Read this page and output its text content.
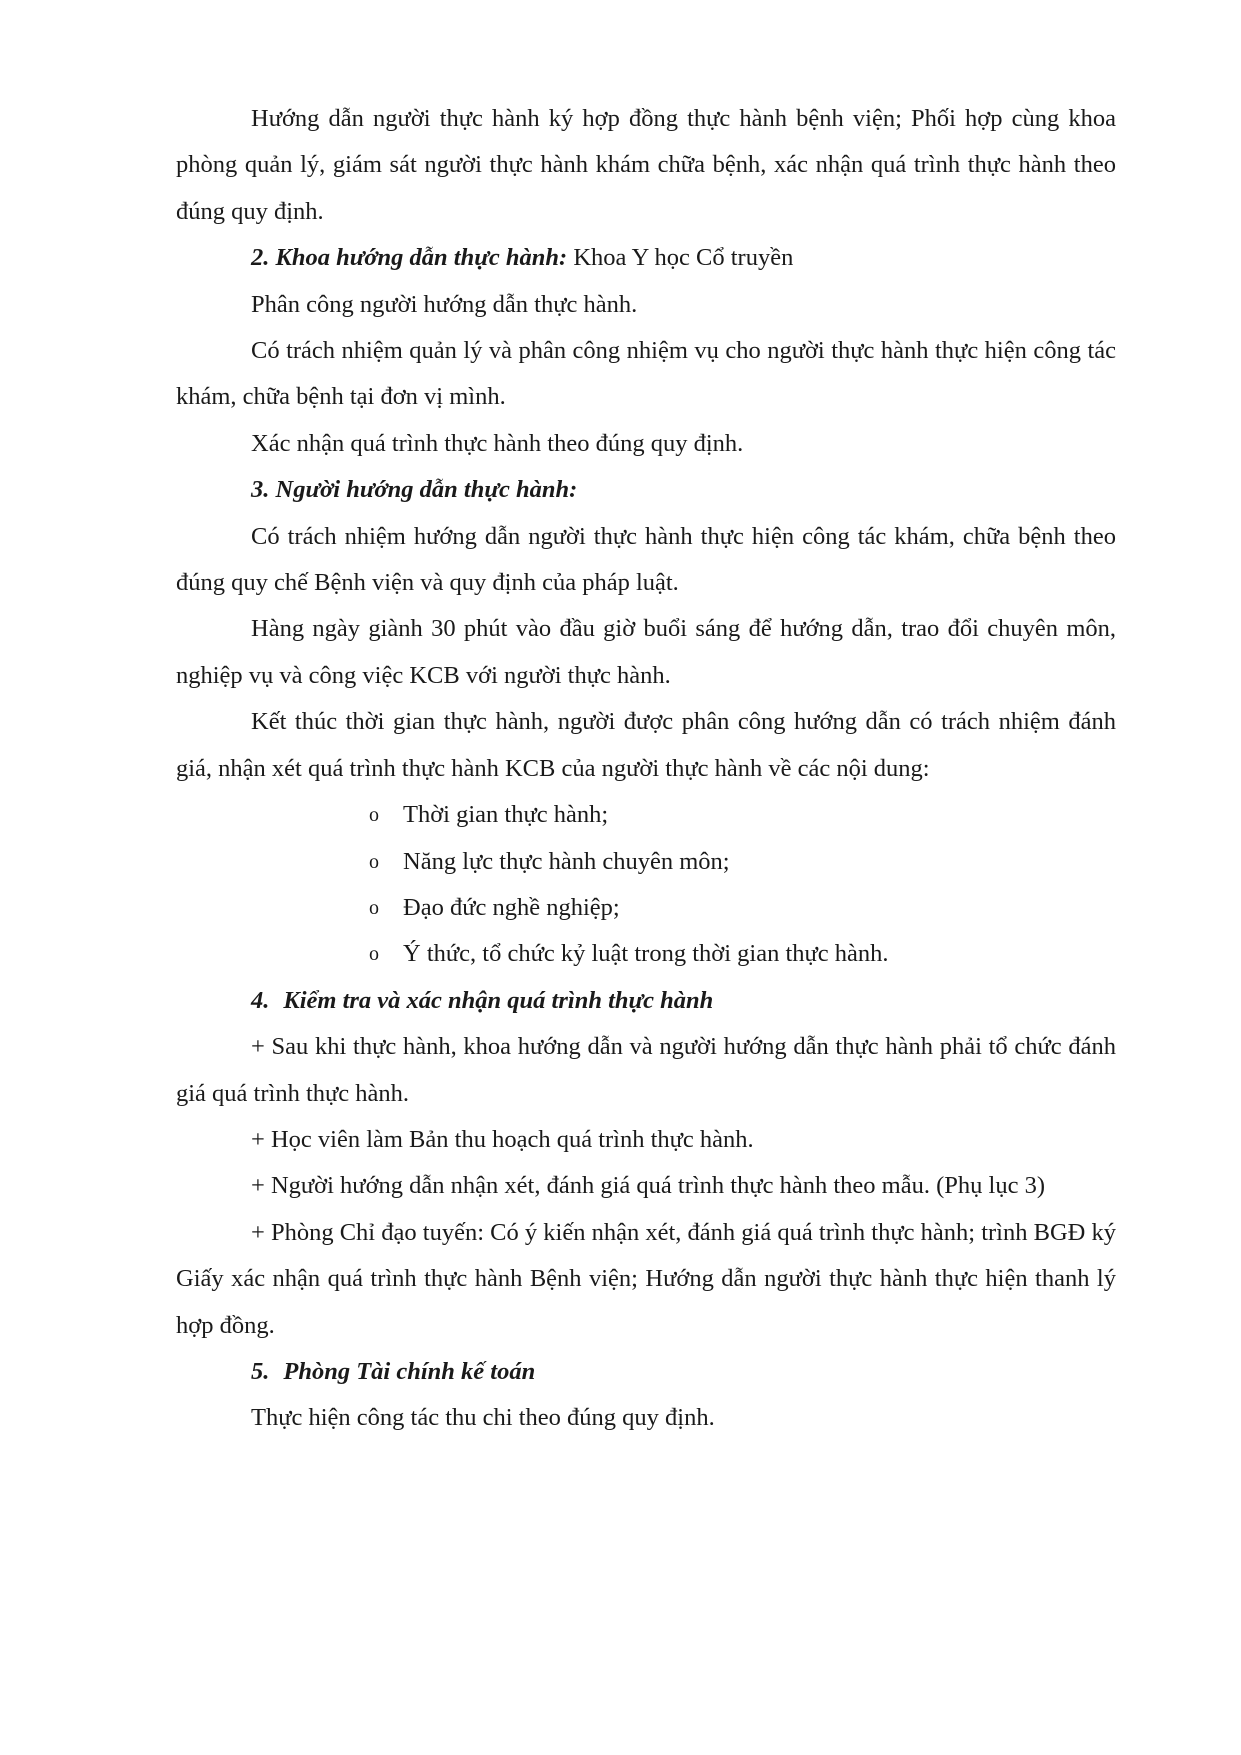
Hướng dẫn người thực hành ký hợp đồng thực hành bệnh viện; Phối hợp cùng khoa phòng quản lý, giám sát người thực hành khám chữa bệnh, xác nhận quá trình thực hành theo đúng quy định.

2. Khoa hướng dẫn thực hành: Khoa Y học Cổ truyền

Phân công người hướng dẫn thực hành.

Có trách nhiệm quản lý và phân công nhiệm vụ cho người thực hành thực hiện công tác khám, chữa bệnh tại đơn vị mình.

Xác nhận quá trình thực hành theo đúng quy định.

3. Người hướng dẫn thực hành:

Có trách nhiệm hướng dẫn người thực hành thực hiện công tác khám, chữa bệnh theo đúng quy chế Bệnh viện và quy định của pháp luật.

Hàng ngày giành 30 phút vào đầu giờ buổi sáng để hướng dẫn, trao đổi chuyên môn, nghiệp vụ và công việc KCB với người thực hành.

Kết thúc thời gian thực hành, người được phân công hướng dẫn có trách nhiệm đánh giá, nhận xét quá trình thực hành KCB của người thực hành về các nội dung:

o Thời gian thực hành;
o Năng lực thực hành chuyên môn;
o Đạo đức nghề nghiệp;
o Ý thức, tổ chức kỷ luật trong thời gian thực hành.

4. Kiểm tra và xác nhận quá trình thực hành

+ Sau khi thực hành, khoa hướng dẫn và người hướng dẫn thực hành phải tổ chức đánh giá quá trình thực hành.

+ Học viên làm Bản thu hoạch quá trình thực hành.

+ Người hướng dẫn nhận xét, đánh giá quá trình thực hành theo mẫu. (Phụ lục 3)

+ Phòng Chỉ đạo tuyến: Có ý kiến nhận xét, đánh giá quá trình thực hành; trình BGĐ ký Giấy xác nhận quá trình thực hành Bệnh viện; Hướng dẫn người thực hành thực hiện thanh lý hợp đồng.

5. Phòng Tài chính kế toán

Thực hiện công tác thu chi theo đúng quy định.
